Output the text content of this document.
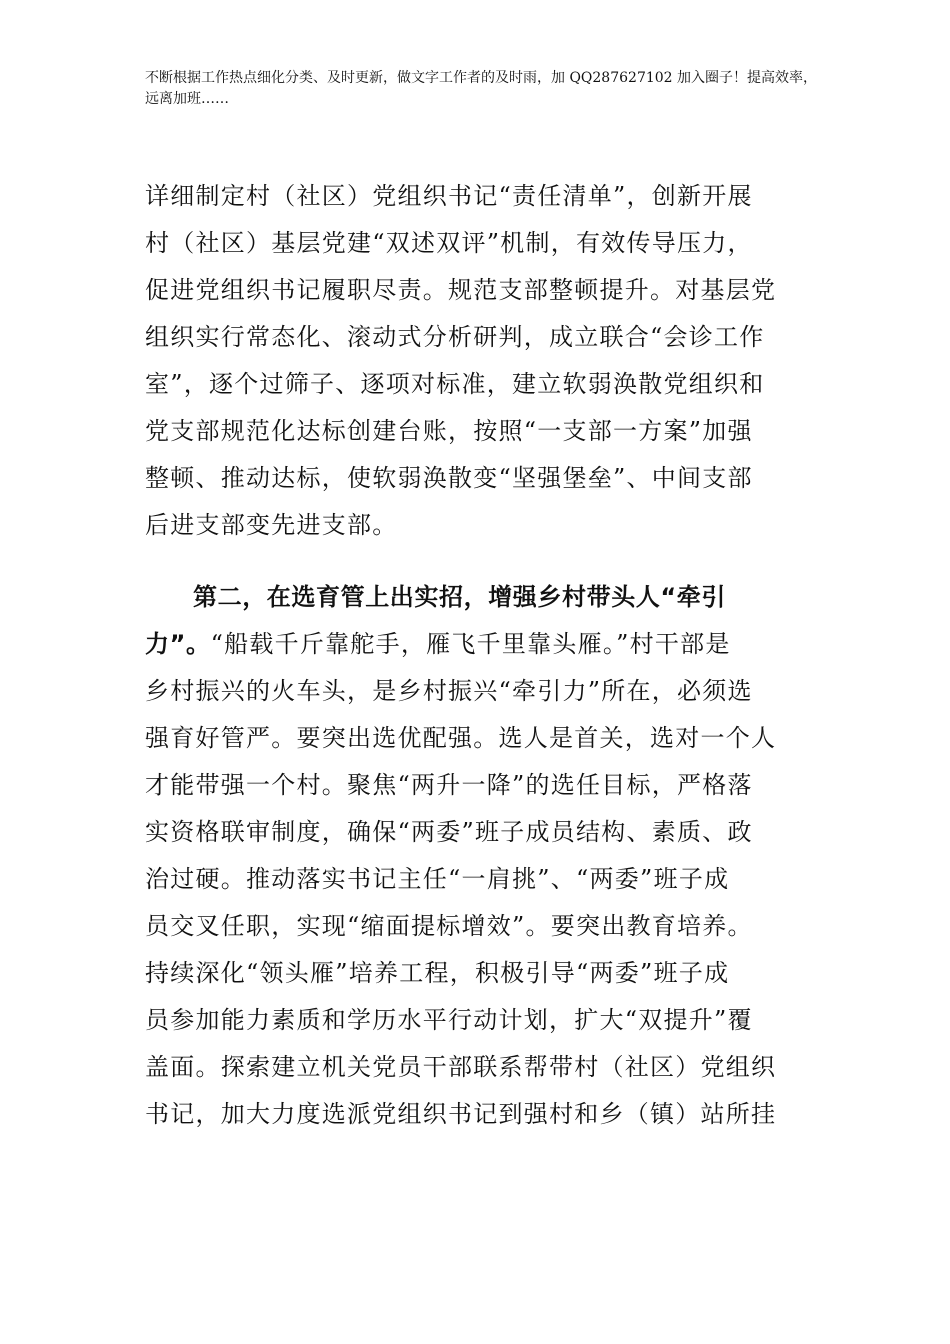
不断根据工作热点细化分类、及时更新，做文字工作者的及时雨，加 QQ287627102 加入圈子！提高效率，
远离加班……
详细制定村（社区）党组织书记“责任清单”，创新开展
村（社区）基层党建“双述双评”机制，有效传导压力，
促进党组织书记履职尽责。规范支部整顿提升。对基层党
组织实行常态化、滚动式分析研判，成立联合“会诊工作
室”，逐个过筛子、逐项对标准，建立软弱涣散党组织和
党支部规范化达标创建台账，按照“一支部一方案”加强
整顿、推动达标，使软弱涣散变“坚强堡垒”、中间支部
后进支部变先进支部。
第二，在选育管上出实招，增强乡村带头人“牵引
力”。“船载千斤靠舵手，雁飞千里靠头雁。”村干部是
乡村振兴的火车头，是乡村振兴“牵引力”所在，必须选
强育好管严。要突出选优配强。选人是首关，选对一个人
才能带强一个村。聚焦“两升一降”的选任目标，严格落
实资格联审制度，确保“两委”班子成员结构、素质、政
治过硬。推动落实书记主任“一肩挑”、“两委”班子成
员交叉任职，实现“缩面提标增效”。要突出教育培养。
持续深化“领头雁”培养工程，积极引导“两委”班子成
员参加能力素质和学历水平行动计划，扩大“双提升”覆
盖面。探索建立机关党员干部联系帮带村（社区）党组织
书记，加大力度选派党组织书记到强村和乡（镇）站所挂
